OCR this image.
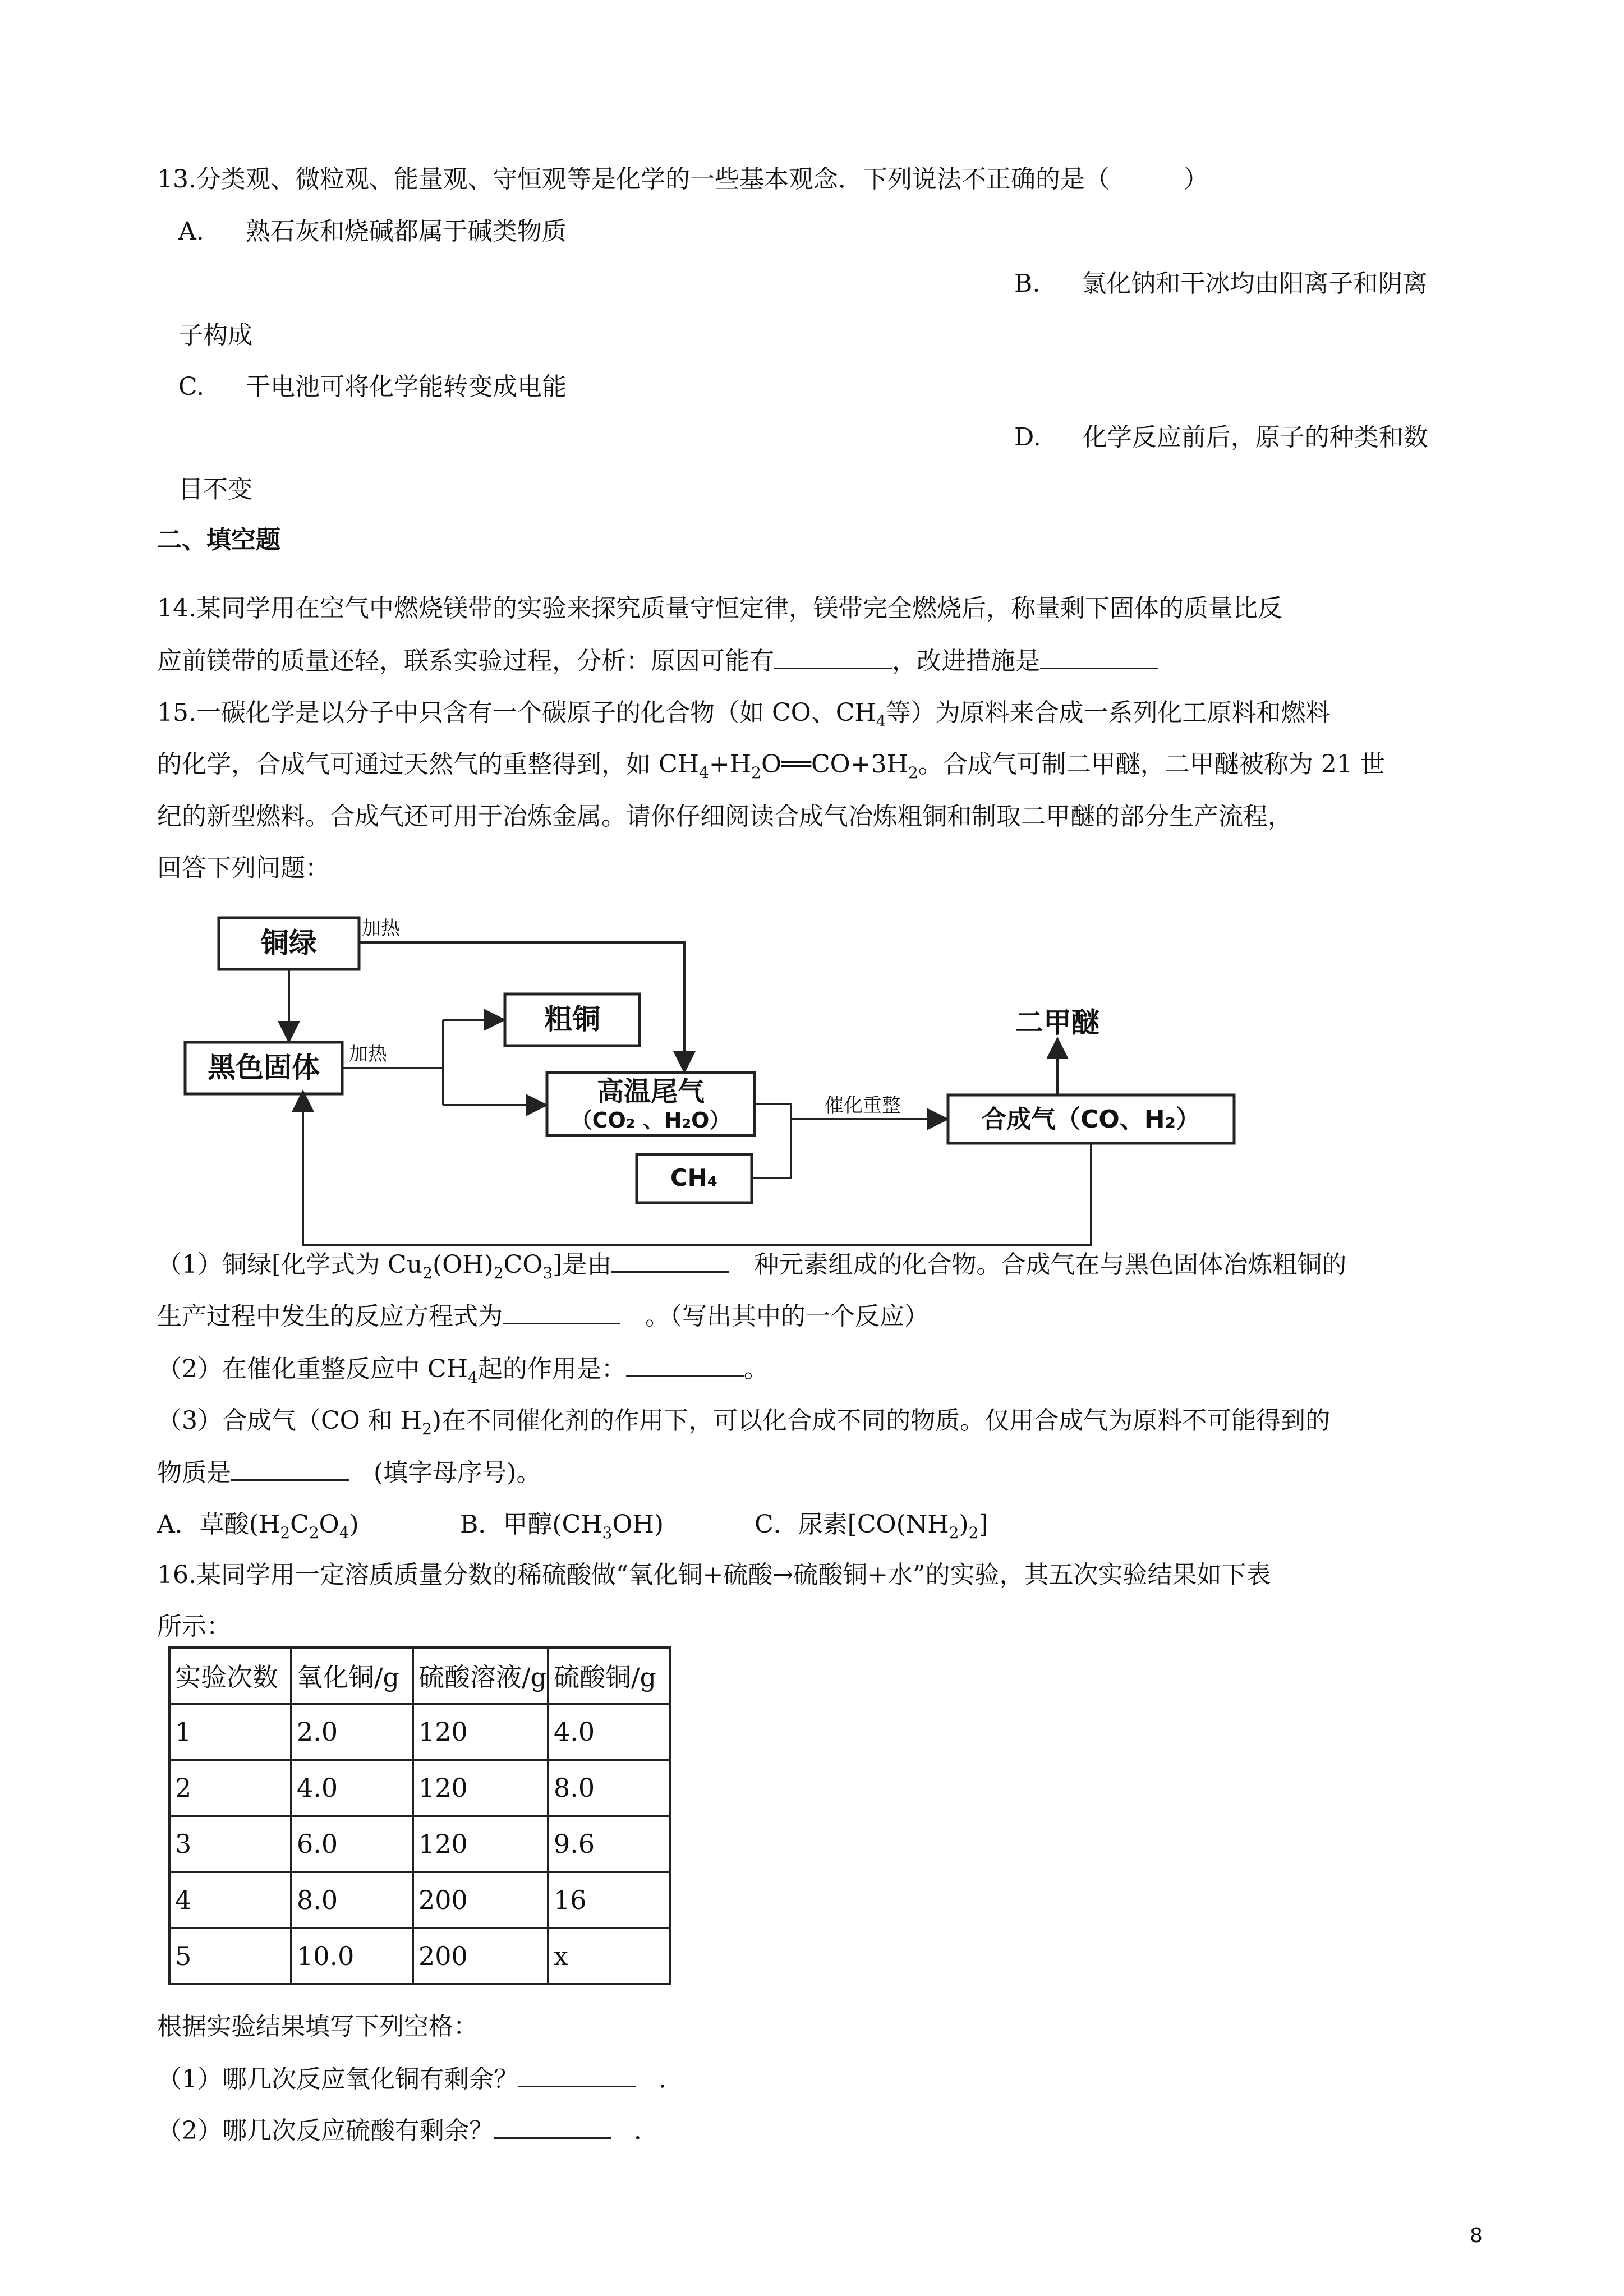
13.分类观、微粒观、能量观、守恒观等是化学的一些基本观念．下列说法不正确的是（　　　）
A. 熟石灰和烧碱都属于碱类物质
B. 氯化钠和干冰均由阳离子和阴离
子构成
C. 干电池可将化学能转变成电能
D. 化学反应前后，原子的种类和数
目不变
二、填空题
14.某同学用在空气中燃烧镁带的实验来探究质量守恒定律，镁带完全燃烧后，称量剩下固体的质量比反
应前镁带的质量还轻，联系实验过程，分析：原因可能有	，改进措施是
15.一碳化学是以分子中只含有一个碳原子的化合物（如 CO、$CH_4$等）为原料来合成一系列化工原料和燃料
的化学，合成气可通过天然气的重整得到，如 $CH_4+H_2O══CO+3H_2$。合成气可制二甲醚，二甲醚被称为 21 世
纪的新型燃料。合成气还可用于冶炼金属。请你仔细阅读合成气冶炼粗铜和制取二甲醚的部分生产流程，
回答下列问题：
铜绿 加热
黑色固体 加热
粗铜
高温尾气
（CO₂ 、H₂O）
CH₄
催化重整	合成气（CO、H₂）
二甲醚
（1）铜绿[化学式为 $Cu_2(OH)_2CO_3$]是由	　种元素组成的化合物。合成气在与黑色固体冶炼粗铜的
生产过程中发生的反应方程式为	　。（写出其中的一个反应）
（2）在催化重整反应中 $CH_4$起的作用是：	。
（3）合成气（CO 和 $H_2$)在不同催化剂的作用下，可以化合成不同的物质。仅用合成气为原料不可能得到的
物质是	　(填字母序号)。
A．草酸$(H_2C_2O_4)$	B．甲醇$(CH_3OH)$	C．尿素$[CO(NH_2)_2]$
16.某同学用一定溶质质量分数的稀硫酸做“氧化铜+硫酸→硫酸铜+水”的实验，其五次实验结果如下表
所示：
实验次数	氧化铜/g	硫酸溶液/g	硫酸铜/g
1	2.0	120	4.0
2	4.0	120	8.0
3	6.0	120	9.6
4	8.0	200	16
5	10.0	200	x
根据实验结果填写下列空格：
（1）哪几次反应氧化铜有剩余？	．
（2）哪几次反应硫酸有剩余？	．
8
